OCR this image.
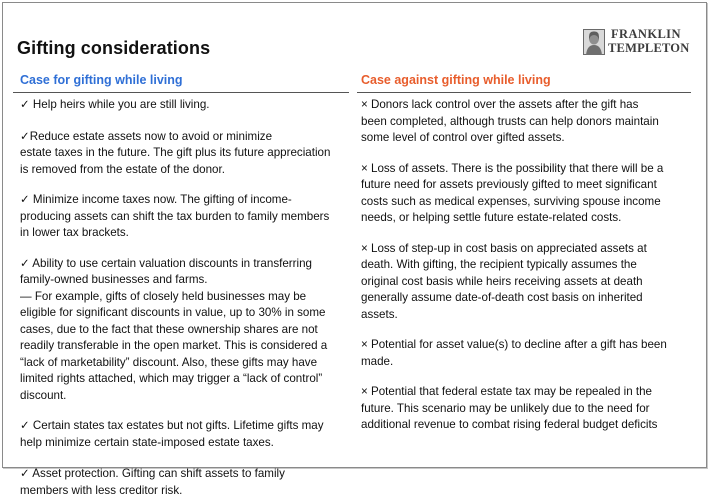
Gifting considerations
FRANKLIN
TEMPLETON
Case for gifting while living	Case against gifting while living

✓ Help heirs while you are still living.

✓Reduce estate assets now to avoid or minimize
estate taxes in the future. The gift plus its future appreciation
is removed from the estate of the donor.

✓ Minimize income taxes now. The gifting of income-
producing assets can shift the tax burden to family members
in lower tax brackets.

✓ Ability to use certain valuation discounts in transferring
family-owned businesses and farms.
— For example, gifts of closely held businesses may be
eligible for significant discounts in value, up to 30% in some
cases, due to the fact that these ownership shares are not
readily transferable in the open market. This is considered a
“lack of marketability” discount. Also, these gifts may have
limited rights attached, which may trigger a “lack of control”
discount.

✓ Certain states tax estates but not gifts. Lifetime gifts may
help minimize certain state-imposed estate taxes.

✓ Asset protection. Gifting can shift assets to family
members with less creditor risk.

× Donors lack control over the assets after the gift has
been completed, although trusts can help donors maintain
some level of control over gifted assets.

× Loss of assets. There is the possibility that there will be a
future need for assets previously gifted to meet significant
costs such as medical expenses, surviving spouse income
needs, or helping settle future estate-related costs.

× Loss of step-up in cost basis on appreciated assets at
death. With gifting, the recipient typically assumes the
original cost basis while heirs receiving assets at death
generally assume date-of-death cost basis on inherited
assets.

× Potential for asset value(s) to decline after a gift has been
made.

× Potential that federal estate tax may be repealed in the
future. This scenario may be unlikely due to the need for
additional revenue to combat rising federal budget deficits
